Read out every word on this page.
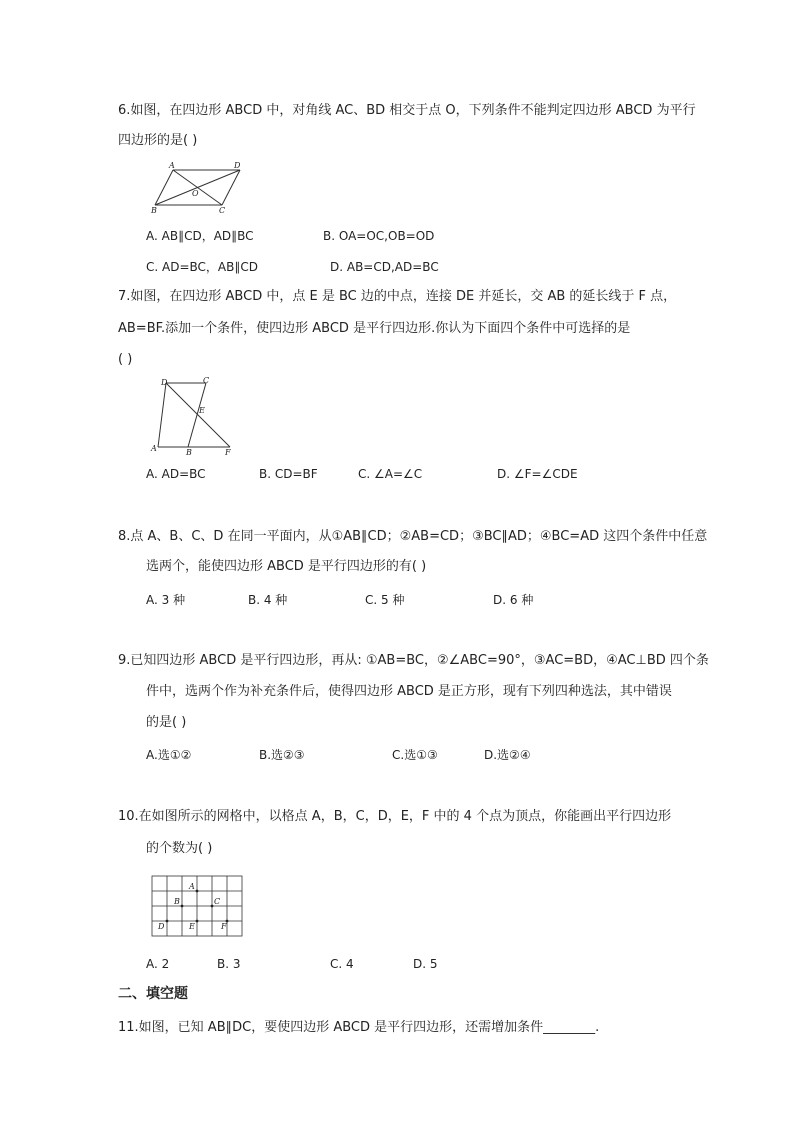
6.如图，在四边形 ABCD 中，对角线 AC、BD 相交于点 O，下列条件不能判定四边形 ABCD 为平行
四边形的是( )
A	D
B	C
O
A. AB∥CD，AD∥BC	B. OA=OC,OB=OD
C. AD=BC，AB∥CD	D. AB=CD,AD=BC
7.如图，在四边形 ABCD 中，点 E 是 BC 边的中点，连接 DE 并延长，交 AB 的延长线于 F 点，
AB=BF.添加一个条件，使四边形 ABCD 是平行四边形.你认为下面四个条件中可选择的是
( )
D	C
E
A	B	F
A. AD=BC	B. CD=BF	C. ∠A=∠C	D. ∠F=∠CDE
8.点 A、B、C、D 在同一平面内，从①AB∥CD；②AB=CD；③BC∥AD；④BC=AD 这四个条件中任意
选两个，能使四边形 ABCD 是平行四边形的有( )
A. 3 种	B. 4 种	C. 5 种	D. 6 种
9.已知四边形 ABCD 是平行四边形，再从: ①AB=BC，②∠ABC=90°，③AC=BD，④AC⊥BD 四个条
件中，选两个作为补充条件后，使得四边形 ABCD 是正方形，现有下列四种选法，其中错误
的是( )
A.选①②	B.选②③	C.选①③	D.选②④
10.在如图所示的网格中，以格点 A，B，C，D，E，F 中的 4 个点为顶点，你能画出平行四边形
的个数为( )
A
B	C
D	E	F
A. 2	B. 3	C. 4	D. 5
二、填空题
11.如图，已知 AB∥DC，要使四边形 ABCD 是平行四边形，还需增加条件________.
